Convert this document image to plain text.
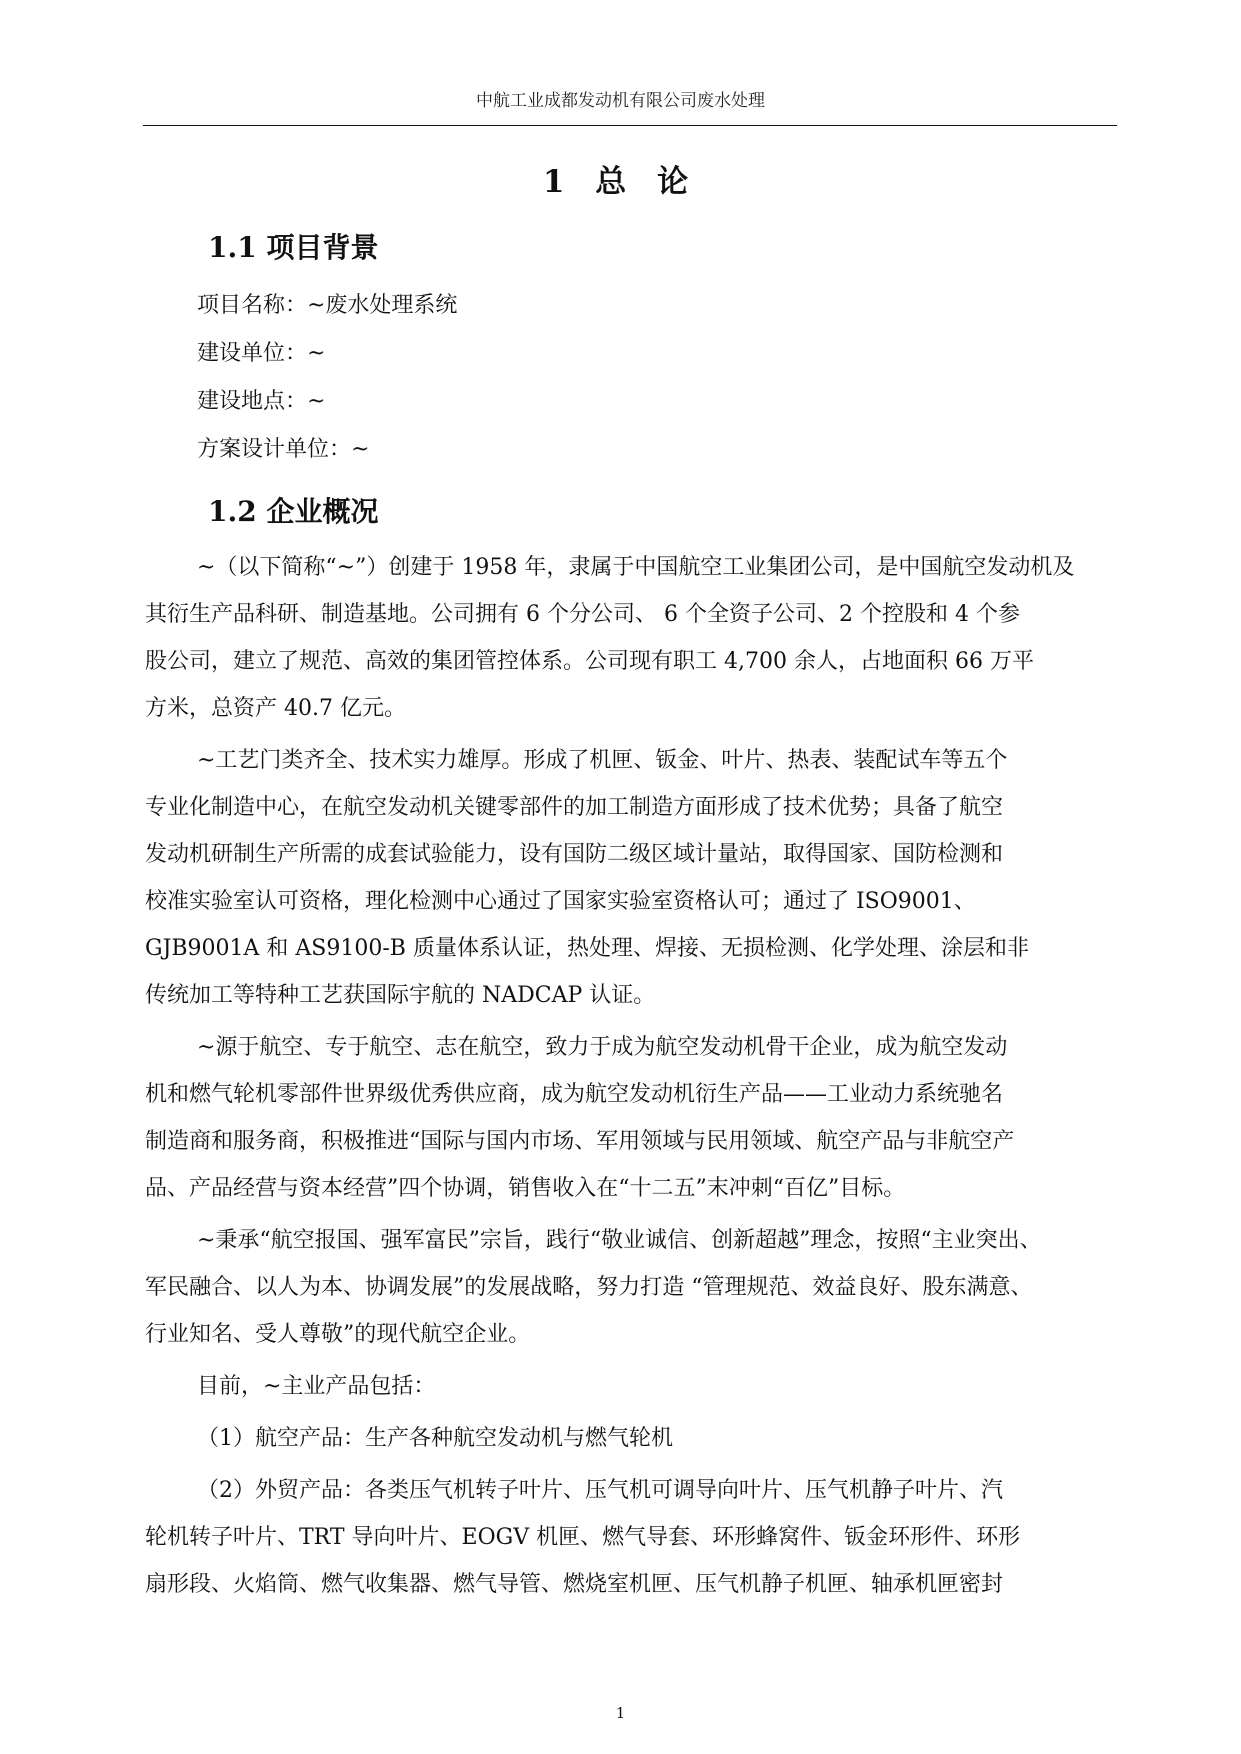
中航工业成都发动机有限公司废水处理
1 总 论
1.1 项目背景
项目名称：~废水处理系统
建设单位：~
建设地点：~
方案设计单位：~
1.2 企业概况
~（以下简称“~”）创建于 1958 年，隶属于中国航空工业集团公司，是中国航空发动机及
其衍生产品科研、制造基地。公司拥有 6 个分公司、 6 个全资子公司、2 个控股和 4 个参
股公司，建立了规范、高效的集团管控体系。公司现有职工 4,700 余人，占地面积 66 万平
方米，总资产 40.7 亿元。
~工艺门类齐全、技术实力雄厚。形成了机匣、钣金、叶片、热表、装配试车等五个
专业化制造中心，在航空发动机关键零部件的加工制造方面形成了技术优势；具备了航空
发动机研制生产所需的成套试验能力，设有国防二级区域计量站，取得国家、国防检测和
校准实验室认可资格，理化检测中心通过了国家实验室资格认可；通过了 ISO9001、
GJB9001A 和 AS9100-B 质量体系认证，热处理、焊接、无损检测、化学处理、涂层和非
传统加工等特种工艺获国际宇航的 NADCAP 认证。
~源于航空、专于航空、志在航空，致力于成为航空发动机骨干企业，成为航空发动
机和燃气轮机零部件世界级优秀供应商，成为航空发动机衍生产品——工业动力系统驰名
制造商和服务商，积极推进“国际与国内市场、军用领域与民用领域、航空产品与非航空产
品、产品经营与资本经营”四个协调，销售收入在“十二五”末冲刺“百亿”目标。
~秉承“航空报国、强军富民”宗旨，践行“敬业诚信、创新超越”理念，按照“主业突出、
军民融合、以人为本、协调发展”的发展战略，努力打造 “管理规范、效益良好、股东满意、
行业知名、受人尊敬”的现代航空企业。
目前，~主业产品包括：
（1）航空产品：生产各种航空发动机与燃气轮机
（2）外贸产品：各类压气机转子叶片、压气机可调导向叶片、压气机静子叶片、汽
轮机转子叶片、TRT 导向叶片、EOGV 机匣、燃气导套、环形蜂窝件、钣金环形件、环形
扇形段、火焰筒、燃气收集器、燃气导管、燃烧室机匣、压气机静子机匣、轴承机匣密封
1
